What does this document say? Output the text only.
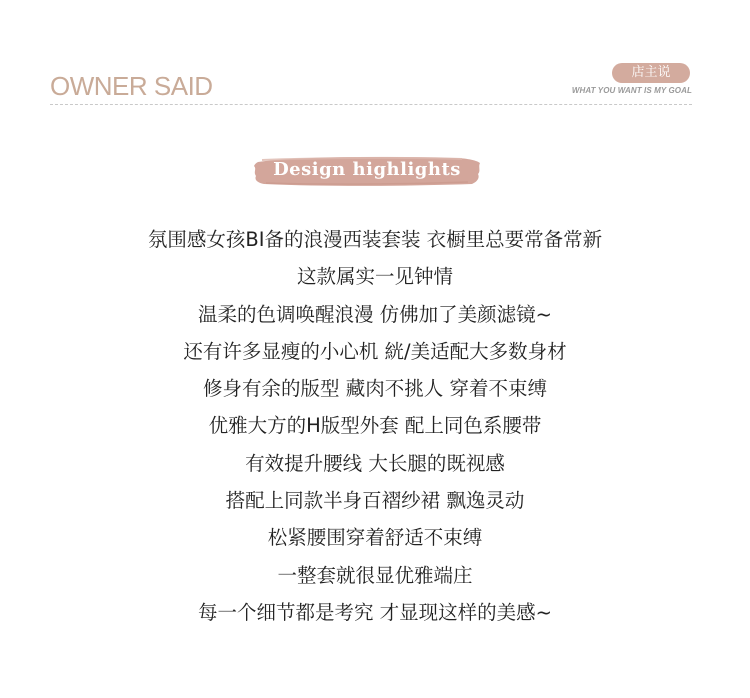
OWNER SAID	店主说
WHAT YOU WANT IS MY GOAL
Design highlights
氛围感女孩BI备的浪漫西装套装 衣橱里总要常备常新
这款属实一见钟情
温柔的色调唤醒浪漫 仿佛加了美颜滤镜~
还有许多显瘦的小心机 絖/美适配大多数身材
修身有余的版型 藏肉不挑人 穿着不束缚
优雅大方的H版型外套 配上同色系腰带
有效提升腰线 大长腿的既视感
搭配上同款半身百褶纱裙 飘逸灵动
松紧腰围穿着舒适不束缚
一整套就很显优雅端庄
每一个细节都是考究 才显现这样的美感~
